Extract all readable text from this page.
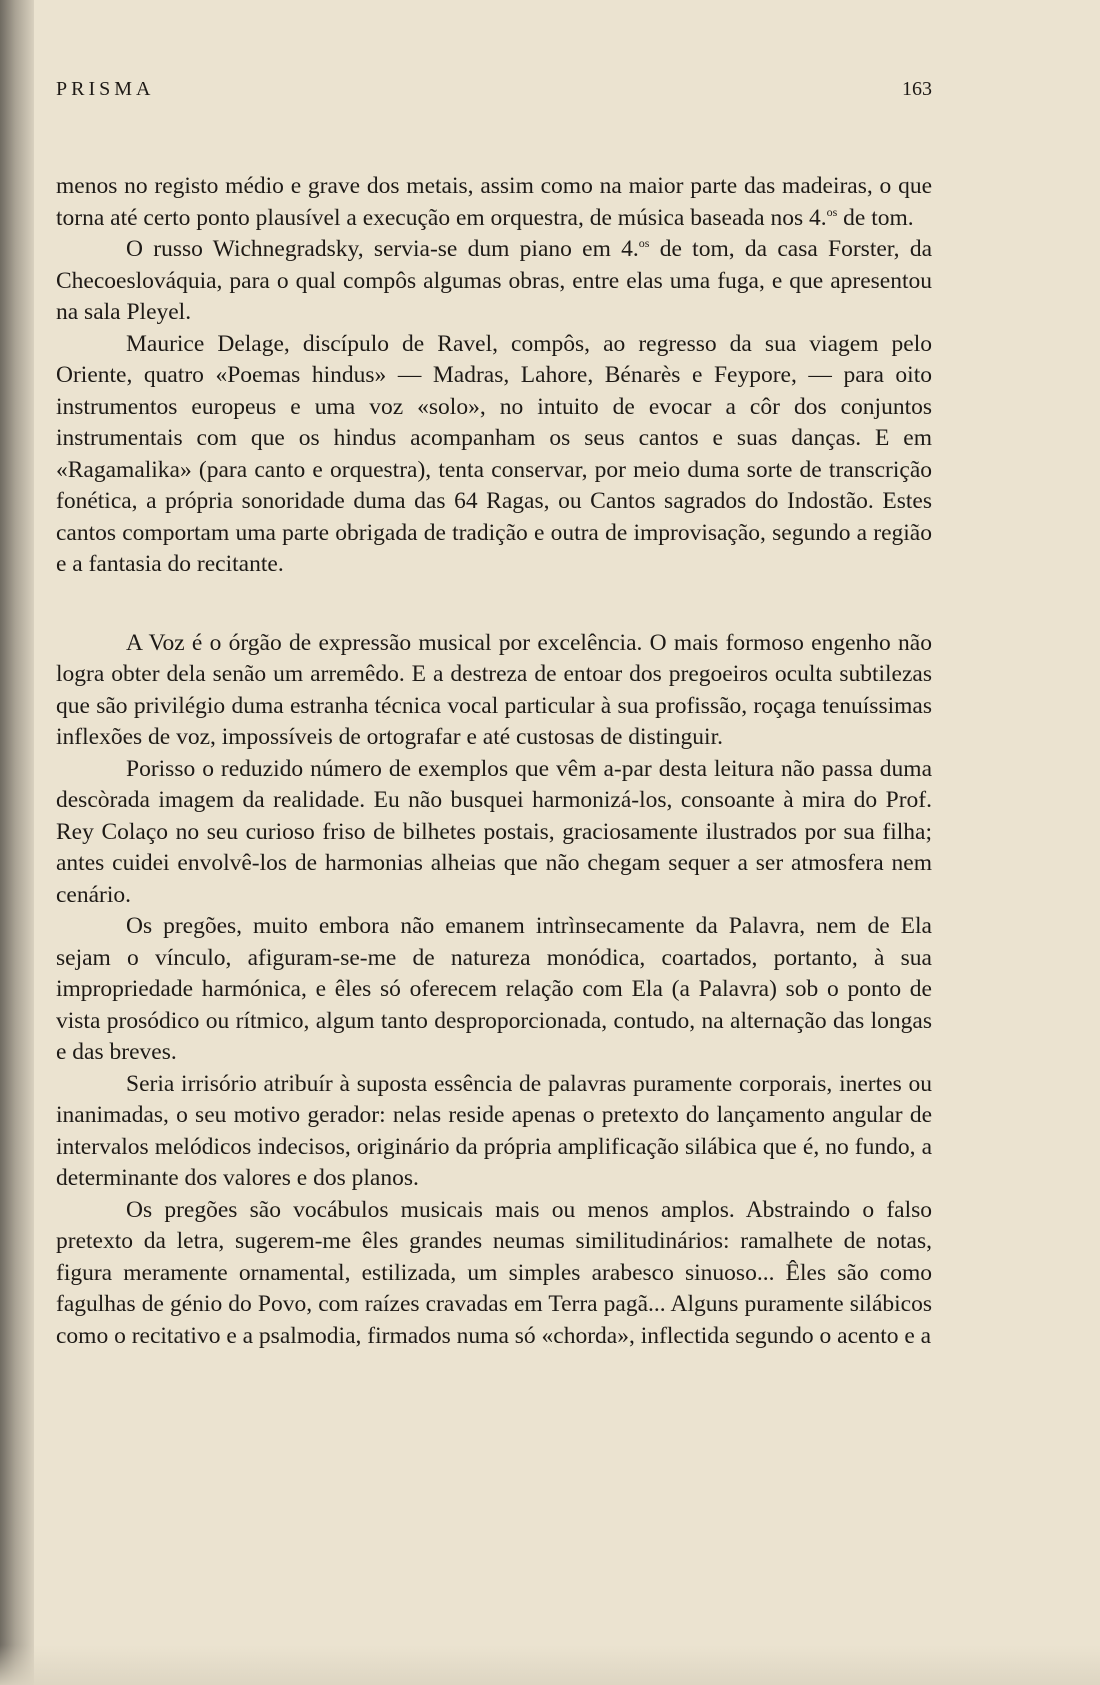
PRISMA	163

menos no registo médio e grave dos metais, assim como na maior parte das madeiras, o que torna até certo ponto plausível a execução em orquestra, de música baseada nos 4.$^{os}$ de tom.

O russo Wichnegradsky, servia-se dum piano em 4.$^{os}$ de tom, da casa Forster, da Checoeslováquia, para o qual compôs algumas obras, entre elas uma fuga, e que apresentou na sala Pleyel.

Maurice Delage, discípulo de Ravel, compôs, ao regresso da sua viagem pelo Oriente, quatro «Poemas hindus» — Madras, Lahore, Bénarès e Feypore, — para oito instrumentos europeus e uma voz «solo», no intuito de evocar a côr dos conjuntos instrumentais com que os hindus acompanham os seus cantos e suas danças. E em «Ragamalika» (para canto e orquestra), tenta conservar, por meio duma sorte de transcrição fonética, a própria sonoridade duma das 64 Ragas, ou Cantos sagrados do Indostão. Estes cantos comportam uma parte obrigada de tradição e outra de improvisação, segundo a região e a fantasia do recitante.

A Voz é o órgão de expressão musical por excelência. O mais formoso engenho não logra obter dela senão um arremêdo. E a destreza de entoar dos pregoeiros oculta subtilezas que são privilégio duma estranha técnica vocal particular à sua profissão, roçaga tenuíssimas inflexões de voz, impossíveis de ortografar e até custosas de distinguir.

Porisso o reduzido número de exemplos que vêm a-par desta leitura não passa duma descòrada imagem da realidade. Eu não busquei harmonizá-los, consoante à mira do Prof. Rey Colaço no seu curioso friso de bilhetes postais, graciosamente ilustrados por sua filha; antes cuidei envolvê-los de harmonias alheias que não chegam sequer a ser atmosfera nem cenário.

Os pregões, muito embora não emanem intrìnsecamente da Palavra, nem de Ela sejam o vínculo, afiguram-se-me de natureza monódica, coartados, portanto, à sua impropriedade harmónica, e êles só oferecem relação com Ela (a Palavra) sob o ponto de vista prosódico ou rítmico, algum tanto desproporcionada, contudo, na alternação das longas e das breves.

Seria irrisório atribuír à suposta essência de palavras puramente corporais, inertes ou inanimadas, o seu motivo gerador: nelas reside apenas o pretexto do lançamento angular de intervalos melódicos indecisos, originário da própria amplificação silábica que é, no fundo, a determinante dos valores e dos planos.

Os pregões são vocábulos musicais mais ou menos amplos. Abstraindo o falso pretexto da letra, sugerem-me êles grandes neumas similitudinários: ramalhete de notas, figura meramente ornamental, estilizada, um simples arabesco sinuoso... Êles são como fagulhas de génio do Povo, com raízes cravadas em Terra pagã... Alguns puramente silábicos como o recitativo e a psalmodia, firmados numa só «chorda», inflectida segundo o acento e a
